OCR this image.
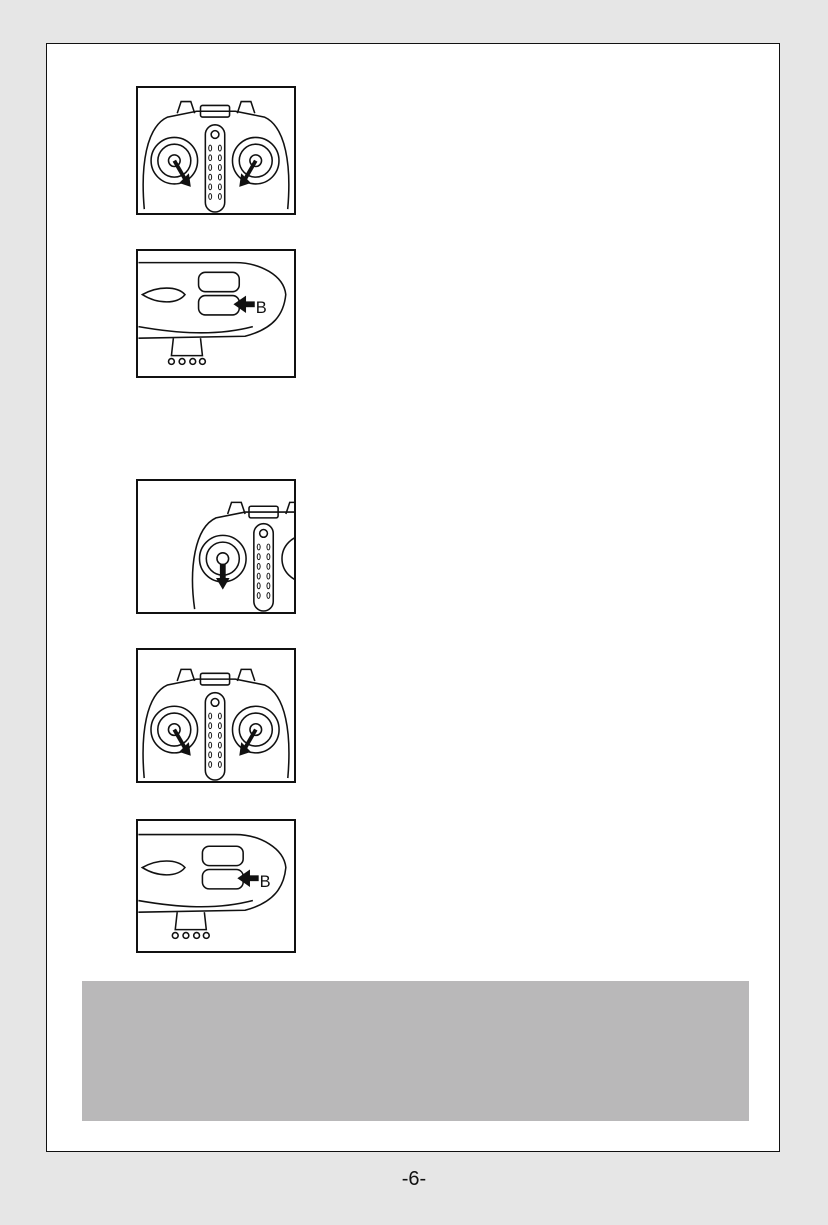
B
B
-6-
